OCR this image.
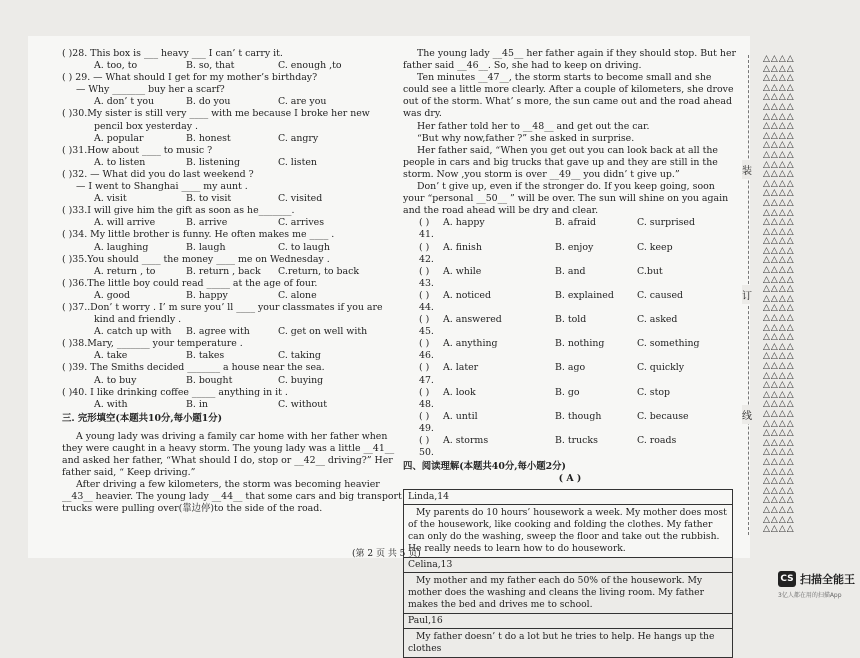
( )28. This box is ___ heavy ___ I can’ t carry it.
A. too, to	B. so, that	C. enough ,to
( ) 29. — What should I get for my mother’s birthday?
— Why _______ buy her a scarf?
A. don’ t you	B. do you	C. are you
( )30.My sister is still very ____ with me because I broke her new
pencil box yesterday .
A. popular	B. honest	C. angry
( )31.How about ____ to music ?
A. to listen	B. listening	C. listen
( )32. — What did you do last weekend ?
— I went to Shanghai ____ my aunt .
A. visit	B. to visit	C. visited
( )33.I will give him the gift as soon as he_______.
A. will arrive	B. arrive	C. arrives
( )34. My little brother is funny. He often makes me ____ .
A. laughing	B. laugh	C. to laugh
( )35.You should ____ the money ____ me on Wednesday .
A. return , to	B. return , back	C.return, to back
( )36.The little boy could read _____ at the age of four.
A. good	B. happy	C. alone
( )37..Don’ t worry . I’ m sure you’ ll ____ your classmates if you are
kind and friendly .
A. catch up with	B. agree with	C. get on well with
( )38.Mary, _______ your temperature .
A. take	B. takes	C. taking
( )39. The Smiths decided _______ a house near the sea.
A. to buy	B. bought	C. buying
( )40. I like drinking coffee _____ anything in it .
A. with	B. in	C. without
三. 完形填空(本题共10分,每小题1分)
A young lady was driving a family car home with her father when they were caught in a heavy storm. The young lady was a little __41__ and asked her father, “What should I do, stop or __42__ driving?” Her father said, “ Keep driving.”
After driving a few kilometers, the storm was becoming heavier __43__ heavier. The young lady __44__ that some cars and big transport trucks were pulling over(靠边停)to the side of the road.
The young lady __45__ her father again if they should stop. But her father said __46__. So, she had to keep on driving.
Ten minutes __47__, the storm starts to become small and she could see a little more clearly. After a couple of kilometers, she drove out of the storm. What’ s more, the sun came out and the road ahead was dry.
Her father told her to __48__ and get out the car.
“But why now,father ?” she asked in surprise.
Her father said, “When you get out you can look back at all the people in cars and big trucks that gave up and they are still in the storm. Now ,you storm is over __49__ you didn’ t give up.”
Don’ t give up, even if the stronger do. If you keep going, soon your “personal __50__ ” will be over. The sun will shine on you again and the road ahead will be dry and clear.
( ) 41.
A. happy	B. afraid	C. surprised
( ) 42.
A. finish	B. enjoy	C. keep
( ) 43.
A. while	B. and	C.but
( ) 44.
A. noticed	B. explained	C. caused
( ) 45.
A. answered	B. told	C. asked
( ) 46.
A. anything	B. nothing	C. something
( ) 47.
A. later	B. ago	C. quickly
( ) 48.
A. look	B. go	C. stop
( ) 49.
A. until	B. though	C. because
( ) 50.
A. storms	B. trucks	C. roads
四、阅读理解(本题共40分,每小题2分)
( A )
Linda,14
My parents do 10 hours’ housework a week. My mother does most of the housework, like cooking and folding the clothes. My father can only do the washing, sweep the floor and take out the rubbish. He really needs to learn how to do housework.
Celina,13
My mother and my father each do 50% of the housework. My mother does the washing and cleans the living room. My father makes the bed and drives me to school.
Paul,16
My father doesn’ t do a lot but he tries to help. He hangs up the clothes
(第 2 页 共 5 页)
装
订
线
△△△△
△△△△
△△△△
△△△△
△△△△
△△△△
△△△△
△△△△
△△△△
△△△△
△△△△
△△△△
△△△△
△△△△
△△△△
△△△△
△△△△
△△△△
△△△△
△△△△
△△△△
△△△△
△△△△
△△△△
△△△△
△△△△
△△△△
△△△△
△△△△
△△△△
△△△△
△△△△
△△△△
△△△△
△△△△
△△△△
△△△△
△△△△
△△△△
△△△△
△△△△
△△△△
△△△△
△△△△
△△△△
△△△△
△△△△
△△△△
△△△△
△△△△
CS 扫描全能王
3亿人都在用的扫描App
